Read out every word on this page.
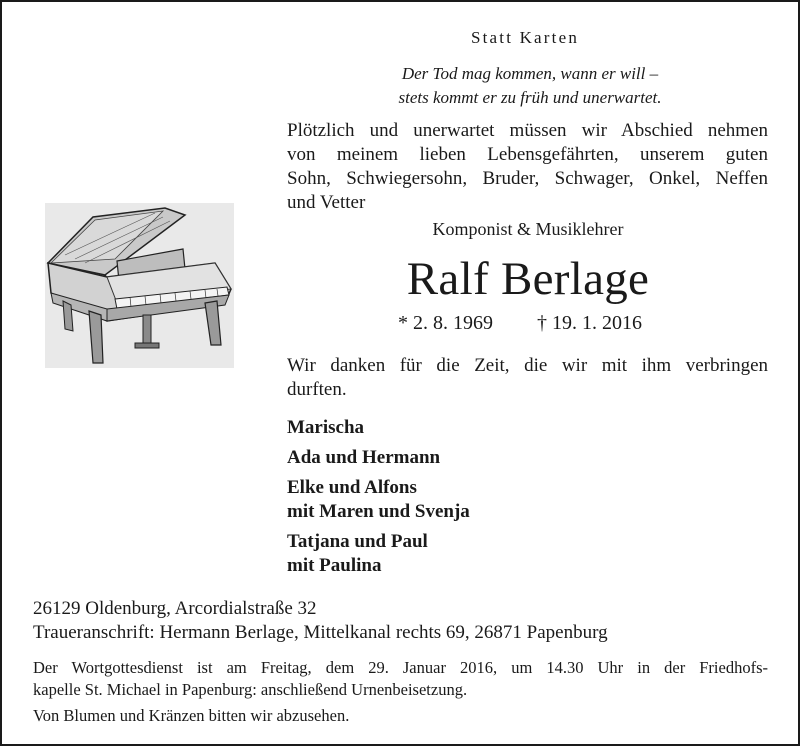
Statt Karten
Der Tod mag kommen, wann er will –
stets kommt er zu früh und unerwartet.
Plötzlich und unerwartet müssen wir Abschied nehmen
von meinem lieben Lebensgefährten, unserem guten
Sohn, Schwiegersohn, Bruder, Schwager, Onkel, Neffen
und Vetter
Komponist & Musiklehrer
Ralf Berlage
* 2. 8. 1969 † 19. 1. 2016
Wir danken für die Zeit, die wir mit ihm verbringen
durften.
Marischa
Ada und Hermann
Elke und Alfons
mit Maren und Svenja
Tatjana und Paul
mit Paulina
26129 Oldenburg, Arcordialstraße 32
Traueranschrift: Hermann Berlage, Mittelkanal rechts 69, 26871 Papenburg
Der Wortgottesdienst ist am Freitag, dem 29. Januar 2016, um 14.30 Uhr in der Friedhofs-
kapelle St. Michael in Papenburg: anschließend Urnenbeisetzung.
Von Blumen und Kränzen bitten wir abzusehen.
